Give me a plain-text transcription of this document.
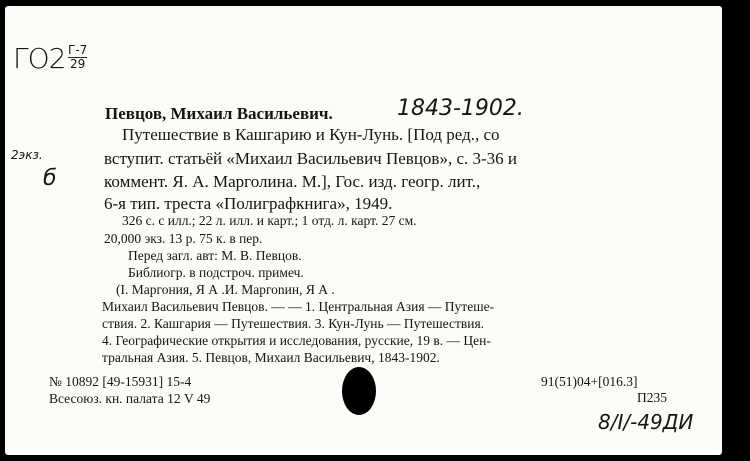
ГО2 Г-7
29
2экз.
б
Певцов, Михаил Васильевич.	1843-1902.
Путешествие в Кашгарию и Кун-Лунь. [Под ред., со
вступит. статьёй «Михаил Васильевич Певцов», с. 3-36 и
коммент. Я. А. Марголина. М.], Гос. изд. геогр. лит.,
6-я тип. треста «Полиграфкнига», 1949.
326 с. с илл.; 22 л. илл. и карт.; 1 отд. л. карт. 27 см.
20,000 экз. 13 р. 75 к. в пер.
Перед загл. авт: М. В. Певцов.
Библиогр. в подстроч. примеч.
(I. Маргония, Я А .И. Маргоnин, Я А .
Михаил Васильевич Певцов. — — 1. Центральная Азия — Путеше-
ствия. 2. Кашгария — Путешествия. 3. Кун-Лунь — Путешествия.
4. Географические открытия и исследования, русские, 19 в. — Цен-
тральная Азия. 5. Певцов, Михаил Васильевич, 1843-1902.
№ 10892 [49-15931] 15-4
Всесоюз. кн. палата 12 V 49
91(51)04+[016.3]
П235
8/I/-49ДИ
